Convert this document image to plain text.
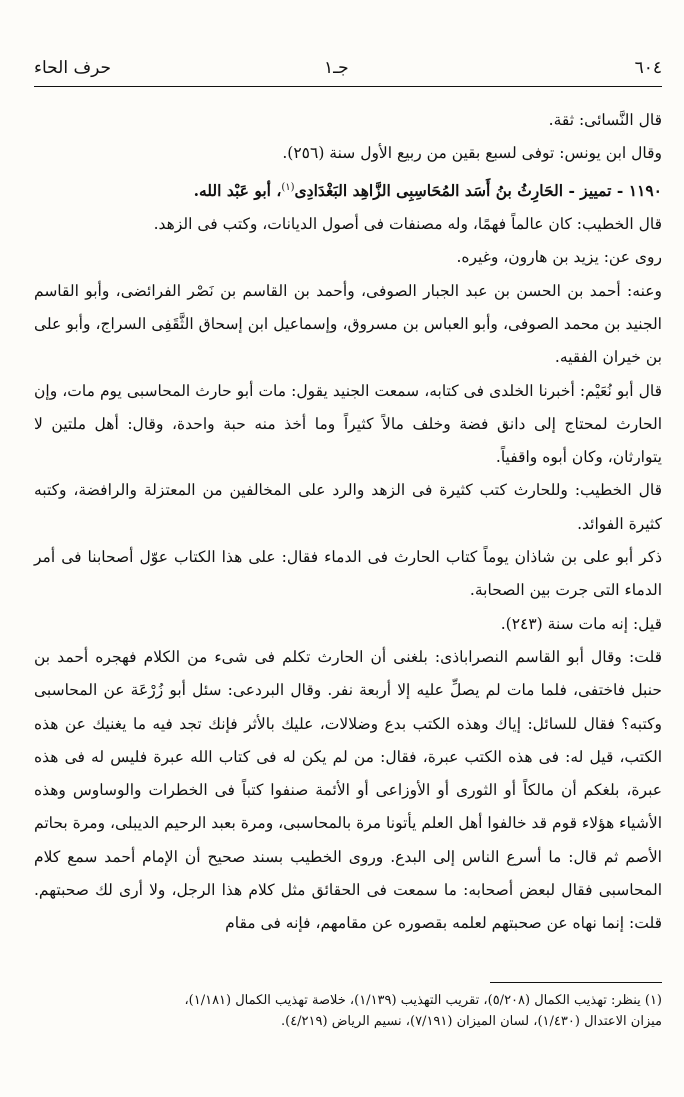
٦٠٤
جـ١
حرف الحاء

قال النَّسائى: ثقة.

وقال ابن يونس: توفى لسبع بقين من ربيع الأول سنة (٢٥٦).

١١٩٠ - تمييز - الحَارِثُ بنُ أَسَد المُحَاسِبِى الزَّاهِد البَغْدَادِى$^{(١)}$، أبو عَبْد الله.

قال الخطيب: كان عالماً فهمًا، وله مصنفات فى أصول الديانات، وكتب فى الزهد.

روى عن: يزيد بن هارون، وغيره.

وعنه: أحمد بن الحسن بن عبد الجبار الصوفى، وأحمد بن القاسم بن نَصْر الفرائضى، وأبو القاسم الجنيد بن محمد الصوفى، وأبو العباس بن مسروق، وإسماعيل ابن إسحاق الثَّقَفِى السراج، وأبو على بن خيران الفقيه.

قال أبو نُعَيْم: أخبرنا الخلدى فى كتابه، سمعت الجنيد يقول: مات أبو حارث المحاسبى يوم مات، وإن الحارث لمحتاج إلى دانق فضة وخلف مالاً كثيراً وما أخذ منه حبة واحدة، وقال: أهل ملتين لا يتوارثان، وكان أبوه واقفياً.

قال الخطيب: وللحارث كتب كثيرة فى الزهد والرد على المخالفين من المعتزلة والرافضة، وكتبه كثيرة الفوائد.

ذكر أبو على بن شاذان يوماً كتاب الحارث فى الدماء فقال: على هذا الكتاب عوّل أصحابنا فى أمر الدماء التى جرت بين الصحابة.

قيل: إنه مات سنة (٢٤٣).

قلت: وقال أبو القاسم النصراباذى: بلغنى أن الحارث تكلم فى شىء من الكلام فهجره أحمد بن حنبل فاختفى، فلما مات لم يصلِّ عليه إلا أربعة نفر. وقال البردعى: سئل أبو زُرْعَة عن المحاسبى وكتبه؟ فقال للسائل: إياك وهذه الكتب بدع وضلالات، عليك بالأثر فإنك تجد فيه ما يغنيك عن هذه الكتب، قيل له: فى هذه الكتب عبرة، فقال: من لم يكن له فى كتاب الله عبرة فليس له فى هذه عبرة، بلغكم أن مالكاً أو الثورى أو الأوزاعى أو الأئمة صنفوا كتباً فى الخطرات والوساوس وهذه الأشياء هؤلاء قوم قد خالفوا أهل العلم يأتونا مرة بالمحاسبى، ومرة بعبد الرحيم الديبلى، ومرة بحاتم الأصم ثم قال: ما أسرع الناس إلى البدع. وروى الخطيب بسند صحيح أن الإمام أحمد سمع كلام المحاسبى فقال لبعض أصحابه: ما سمعت فى الحقائق مثل كلام هذا الرجل، ولا أرى لك صحبتهم. قلت: إنما نهاه عن صحبتهم لعلمه بقصوره عن مقامهم، فإنه فى مقام

(١) ينظر: تهذيب الكمال (٥/٢٠٨)، تقريب التهذيب (١/١٣٩)، خلاصة تهذيب الكمال (١/١٨١)،

ميزان الاعتدال (١/٤٣٠)، لسان الميزان (٧/١٩١)، نسيم الرياض (٤/٢١٩).
